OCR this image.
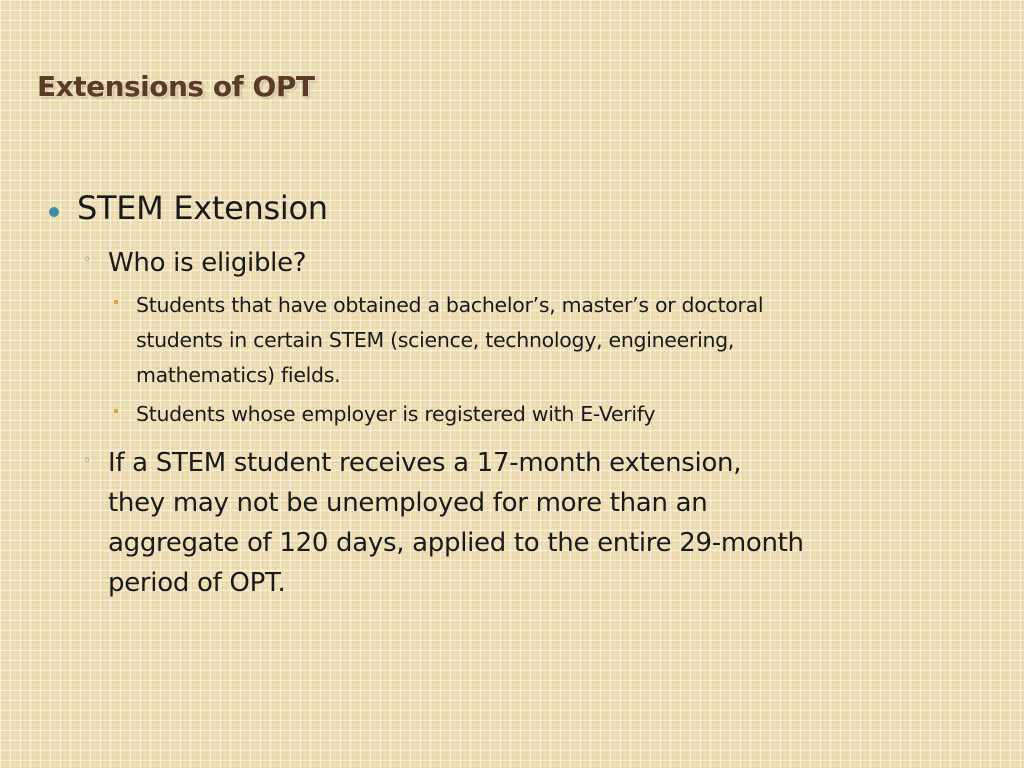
Extensions of OPT
STEM Extension
◦ Who is eligible?
Students that have obtained a bachelor’s, master’s or doctoral
students in certain STEM (science, technology, engineering,
mathematics) fields.
Students whose employer is registered with E-Verify
◦ If a STEM student receives a 17-month extension,
they may not be unemployed for more than an
aggregate of 120 days, applied to the entire 29-month
period of OPT.
